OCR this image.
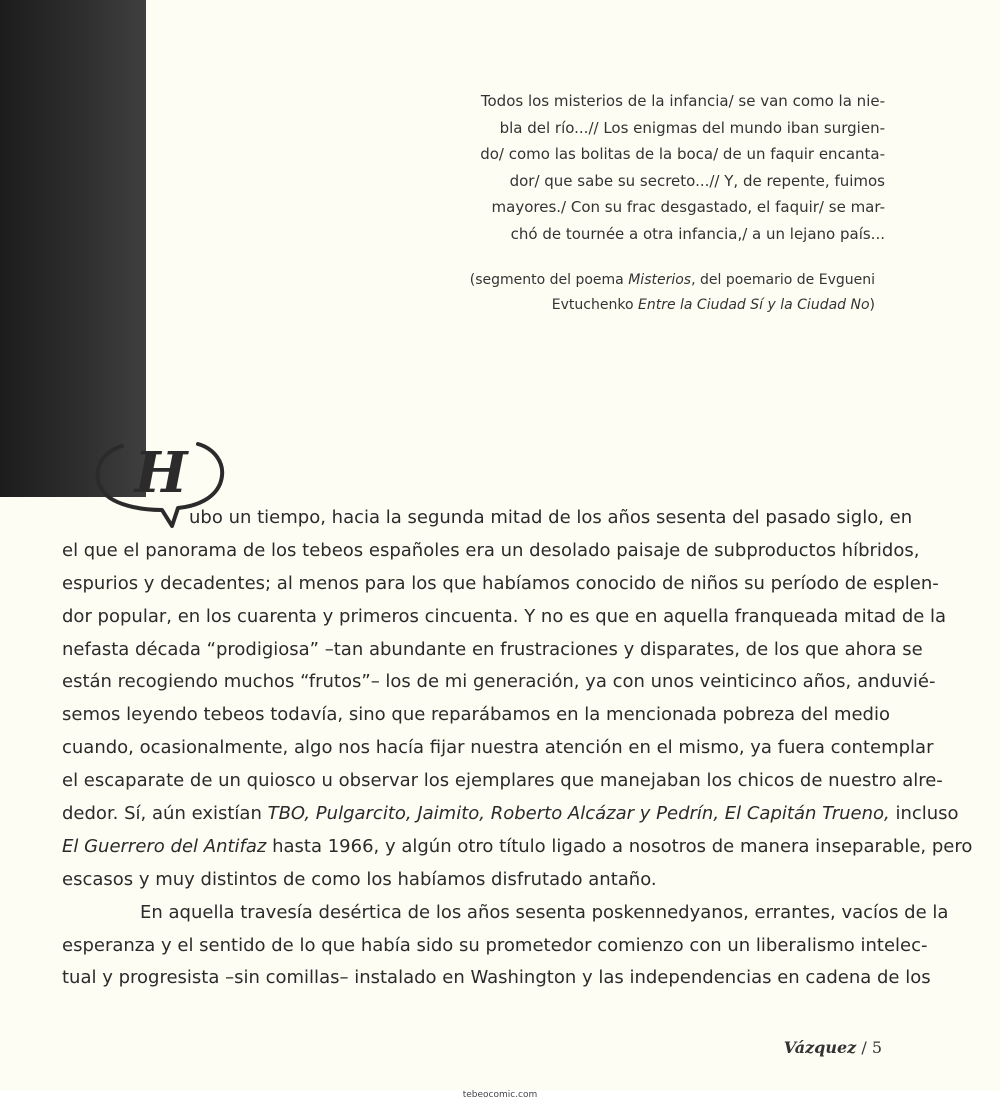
Todos los misterios de la infancia/ se van como la nie-
bla del río...// Los enigmas del mundo iban surgien-
do/ como las bolitas de la boca/ de un faquir encanta-
dor/ que sabe su secreto...// Y, de repente, fuimos
mayores./ Con su frac desgastado, el faquir/ se mar-
chó de tournée a otra infancia,/ a un lejano país...
(segmento del poema Misterios, del poemario de Evgueni
Evtuchenko Entre la Ciudad Sí y la Ciudad No)
H
ubo un tiempo, hacia la segunda mitad de los años sesenta del pasado siglo, en
el que el panorama de los tebeos españoles era un desolado paisaje de subproductos híbridos,
espurios y decadentes; al menos para los que habíamos conocido de niños su período de esplen-
dor popular, en los cuarenta y primeros cincuenta. Y no es que en aquella franqueada mitad de la
nefasta década “prodigiosa” –tan abundante en frustraciones y disparates, de los que ahora se
están recogiendo muchos “frutos”– los de mi generación, ya con unos veinticinco años, anduvié-
semos leyendo tebeos todavía, sino que reparábamos en la mencionada pobreza del medio
cuando, ocasionalmente, algo nos hacía fijar nuestra atención en el mismo, ya fuera contemplar
el escaparate de un quiosco u observar los ejemplares que manejaban los chicos de nuestro alre-
dedor. Sí, aún existían TBO, Pulgarcito, Jaimito, Roberto Alcázar y Pedrín, El Capitán Trueno, incluso
El Guerrero del Antifaz hasta 1966, y algún otro título ligado a nosotros de manera inseparable, pero
escasos y muy distintos de como los habíamos disfrutado antaño.
En aquella travesía desértica de los años sesenta poskennedyanos, errantes, vacíos de la
esperanza y el sentido de lo que había sido su prometedor comienzo con un liberalismo intelec-
tual y progresista –sin comillas– instalado en Washington y las independencias en cadena de los
Vázquez / 5
tebeocomic.com
